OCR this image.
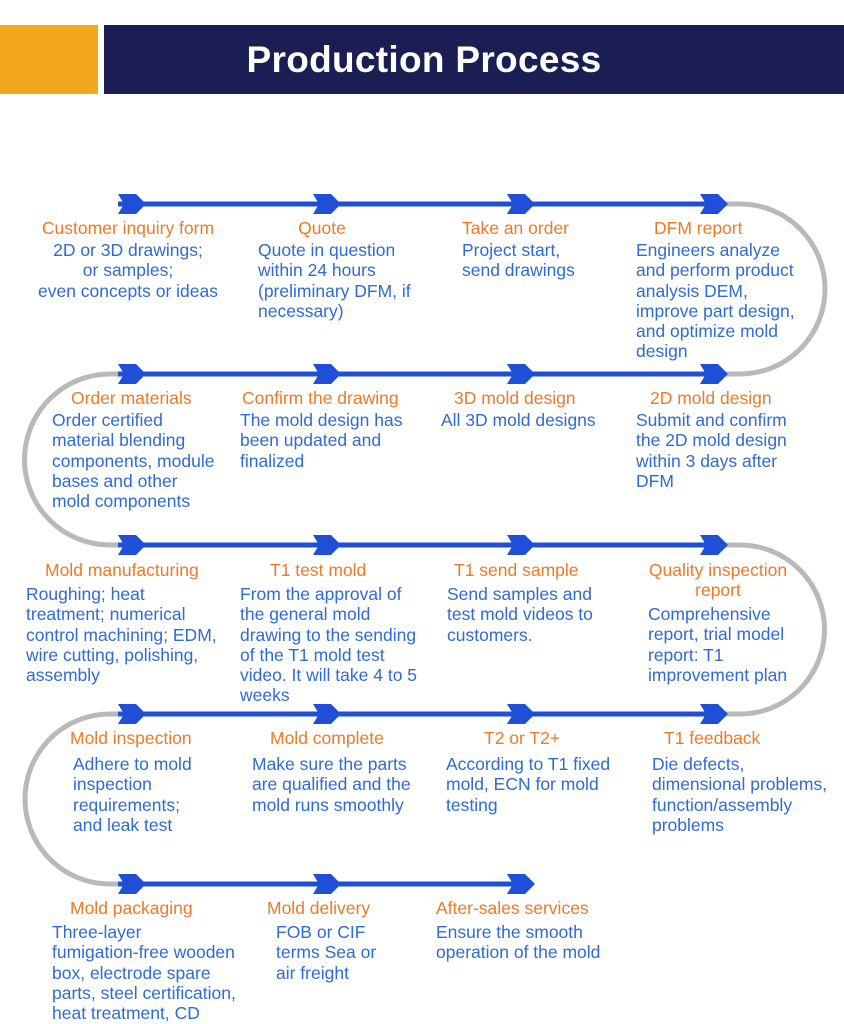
Production Process
Customer inquiry form
2D or 3D drawings;
or samples;
even concepts or ideas
Quote
Quote in question
within 24 hours
(preliminary DFM, if
necessary)
Take an order
Project start,
send drawings
DFM report
Engineers analyze
and perform product
analysis DEM,
improve part design,
and optimize mold
design
Order materials
Order certified
material blending
components, module
bases and other
mold components
Confirm the drawing
The mold design has
been updated and
finalized
3D mold design
All 3D mold designs
2D mold design
Submit and confirm
the 2D mold design
within 3 days after
DFM
Mold manufacturing
Roughing; heat
treatment; numerical
control machining; EDM,
wire cutting, polishing,
assembly
T1 test mold
From the approval of
the general mold
drawing to the sending
of the T1 mold test
video. It will take 4 to 5
weeks
T1 send sample
Send samples and
test mold videos to
customers.
Quality inspection
report
Comprehensive
report, trial model
report: T1
improvement plan
Mold inspection
Adhere to mold
inspection
requirements;
and leak test
Mold complete
Make sure the parts
are qualified and the
mold runs smoothly
T2 or T2+
According to T1 fixed
mold, ECN for mold
testing
T1 feedback
Die defects,
dimensional problems,
function/assembly
problems
Mold packaging
Three-layer
fumigation-free wooden
box, electrode spare
parts, steel certification,
heat treatment, CD
Mold delivery
FOB or CIF
terms Sea or
air freight
After-sales services
Ensure the smooth
operation of the mold
